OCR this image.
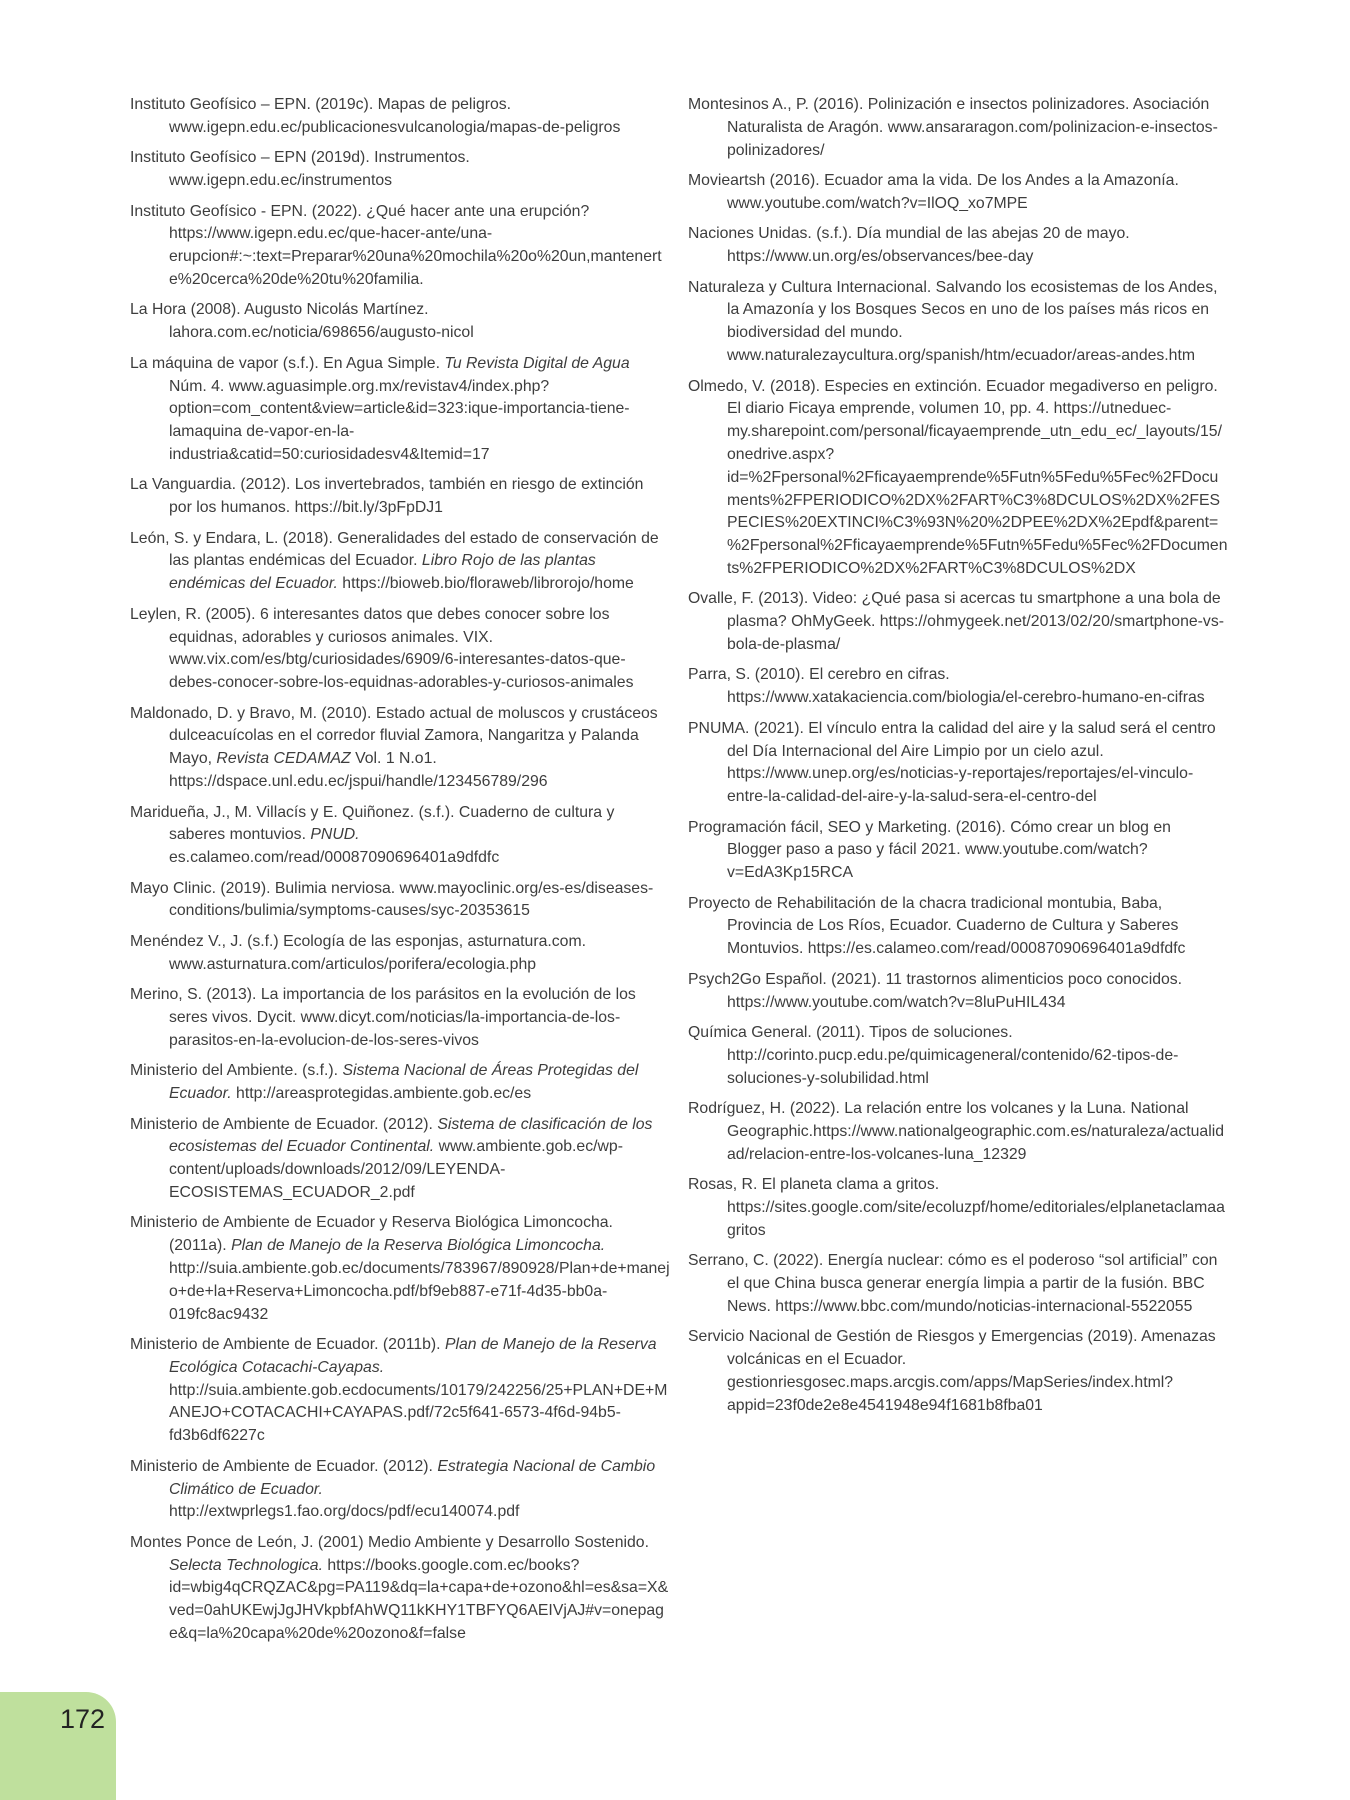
Instituto Geofísico – EPN. (2019c). Mapas de peligros. www.igepn.edu.ec/publicacionesvulcanologia/mapas-de-peligros

Instituto Geofísico – EPN (2019d). Instrumentos. www.igepn.edu.ec/instrumentos

Instituto Geofísico - EPN. (2022). ¿Qué hacer ante una erupción? https://www.igepn.edu.ec/que-hacer-ante/una-erupcion#:~:text=Preparar%20una%20mochila%20o%20un,mantenerte%20cerca%20de%20tu%20familia.

La Hora (2008). Augusto Nicolás Martínez. lahora.com.ec/noticia/698656/augusto-nicol

La máquina de vapor (s.f.). En Agua Simple. Tu Revista Digital de Agua Núm. 4. www.aguasimple.org.mx/revistav4/index.php?option=com_content&view=article&id=323:ique-importancia-tiene-lamaquina de-vapor-en-la-industria&catid=50:curiosidadesv4&Itemid=17

La Vanguardia. (2012). Los invertebrados, también en riesgo de extinción por los humanos. https://bit.ly/3pFpDJ1

León, S. y Endara, L. (2018). Generalidades del estado de conservación de las plantas endémicas del Ecuador. Libro Rojo de las plantas endémicas del Ecuador. https://bioweb.bio/floraweb/librorojo/home

Leylen, R. (2005). 6 interesantes datos que debes conocer sobre los equidnas, adorables y curiosos animales. VIX. www.vix.com/es/btg/curiosidades/6909/6-interesantes-datos-que-debes-conocer-sobre-los-equidnas-adorables-y-curiosos-animales

Maldonado, D. y Bravo, M. (2010). Estado actual de moluscos y crustáceos dulceacuícolas en el corredor fluvial Zamora, Nangaritza y Palanda Mayo, Revista CEDAMAZ Vol. 1 N.o1. https://dspace.unl.edu.ec/jspui/handle/123456789/296

Maridueña, J., M. Villacís y E. Quiñonez. (s.f.). Cuaderno de cultura y saberes montuvios. PNUD. es.calameo.com/read/00087090696401a9dfdfc

Mayo Clinic. (2019). Bulimia nerviosa. www.mayoclinic.org/es-es/diseases-conditions/bulimia/symptoms-causes/syc-20353615

Menéndez V., J. (s.f.) Ecología de las esponjas, asturnatura.com. www.asturnatura.com/articulos/porifera/ecologia.php

Merino, S. (2013). La importancia de los parásitos en la evolución de los seres vivos. Dycit. www.dicyt.com/noticias/la-importancia-de-los-parasitos-en-la-evolucion-de-los-seres-vivos

Ministerio del Ambiente. (s.f.). Sistema Nacional de Áreas Protegidas del Ecuador. http://areasprotegidas.ambiente.gob.ec/es

Ministerio de Ambiente de Ecuador. (2012). Sistema de clasificación de los ecosistemas del Ecuador Continental. www.ambiente.gob.ec/wp-content/uploads/downloads/2012/09/LEYENDA-ECOSISTEMAS_ECUADOR_2.pdf

Ministerio de Ambiente de Ecuador y Reserva Biológica Limoncocha. (2011a). Plan de Manejo de la Reserva Biológica Limoncocha. http://suia.ambiente.gob.ec/documents/783967/890928/Plan+de+manejo+de+la+Reserva+Limoncocha.pdf/bf9eb887-e71f-4d35-bb0a-019fc8ac9432

Ministerio de Ambiente de Ecuador. (2011b). Plan de Manejo de la Reserva Ecológica Cotacachi-Cayapas. http://suia.ambiente.gob.ecdocuments/10179/242256/25+PLAN+DE+MANEJO+COTACACHI+CAYAPAS.pdf/72c5f641-6573-4f6d-94b5-fd3b6df6227c

Ministerio de Ambiente de Ecuador. (2012). Estrategia Nacional de Cambio Climático de Ecuador. http://extwprlegs1.fao.org/docs/pdf/ecu140074.pdf

Montes Ponce de León, J. (2001) Medio Ambiente y Desarrollo Sostenido. Selecta Technologica. https://books.google.com.ec/books?id=wbig4qCRQZAC&pg=PA119&dq=la+capa+de+ozono&hl=es&sa=X&ved=0ahUKEwjJgJHVkpbfAhWQ11kKHY1TBFYQ6AEIVjAJ#v=onepage&q=la%20capa%20de%20ozono&f=false

Montesinos A., P. (2016). Polinización e insectos polinizadores. Asociación Naturalista de Aragón. www.ansararagon.com/polinizacion-e-insectos-polinizadores/

Movieartsh (2016). Ecuador ama la vida. De los Andes a la Amazonía. www.youtube.com/watch?v=IlOQ_xo7MPE

Naciones Unidas. (s.f.). Día mundial de las abejas 20 de mayo. https://www.un.org/es/observances/bee-day

Naturaleza y Cultura Internacional. Salvando los ecosistemas de los Andes, la Amazonía y los Bosques Secos en uno de los países más ricos en biodiversidad del mundo. www.naturalezaycultura.org/spanish/htm/ecuador/areas-andes.htm

Olmedo, V. (2018). Especies en extinción. Ecuador megadiverso en peligro. El diario Ficaya emprende, volumen 10, pp. 4. https://utneduec-my.sharepoint.com/personal/ficayaemprende_utn_edu_ec/_layouts/15/onedrive.aspx?id=%2Fpersonal%2Fficayaemprende%5Futn%5Fedu%5Fec%2FDocuments%2FPERIODICO%2DX%2FART%C3%8DCULOS%2DX%2FESPECIES%20EXTINCI%C3%93N%20%2DPEE%2DX%2Epdf&parent=%2Fpersonal%2Fficayaemprende%5Futn%5Fedu%5Fec%2FDocuments%2FPERIODICO%2DX%2FART%C3%8DCULOS%2DX

Ovalle, F. (2013). Video: ¿Qué pasa si acercas tu smartphone a una bola de plasma? OhMyGeek. https://ohmygeek.net/2013/02/20/smartphone-vs-bola-de-plasma/

Parra, S. (2010). El cerebro en cifras. https://www.xatakaciencia.com/biologia/el-cerebro-humano-en-cifras

PNUMA. (2021). El vínculo entra la calidad del aire y la salud será el centro del Día Internacional del Aire Limpio por un cielo azul. https://www.unep.org/es/noticias-y-reportajes/reportajes/el-vinculo-entre-la-calidad-del-aire-y-la-salud-sera-el-centro-del

Programación fácil, SEO y Marketing. (2016). Cómo crear un blog en Blogger paso a paso y fácil 2021. www.youtube.com/watch?v=EdA3Kp15RCA

Proyecto de Rehabilitación de la chacra tradicional montubia, Baba, Provincia de Los Ríos, Ecuador. Cuaderno de Cultura y Saberes Montuvios. https://es.calameo.com/read/00087090696401a9dfdfc

Psych2Go Español. (2021). 11 trastornos alimenticios poco conocidos. https://www.youtube.com/watch?v=8luPuHIL434

Química General. (2011). Tipos de soluciones. http://corinto.pucp.edu.pe/quimicageneral/contenido/62-tipos-de-soluciones-y-solubilidad.html

Rodríguez, H. (2022). La relación entre los volcanes y la Luna. National Geographic.https://www.nationalgeographic.com.es/naturaleza/actualidad/relacion-entre-los-volcanes-luna_12329

Rosas, R. El planeta clama a gritos. https://sites.google.com/site/ecoluzpf/home/editoriales/elplanetaclamaagritos

Serrano, C. (2022). Energía nuclear: cómo es el poderoso “sol artificial” con el que China busca generar energía limpia a partir de la fusión. BBC News. https://www.bbc.com/mundo/noticias-internacional-5522055

Servicio Nacional de Gestión de Riesgos y Emergencias (2019). Amenazas volcánicas en el Ecuador. gestionriesgosec.maps.arcgis.com/apps/MapSeries/index.html?appid=23f0de2e8e4541948e94f1681b8fba01

172
